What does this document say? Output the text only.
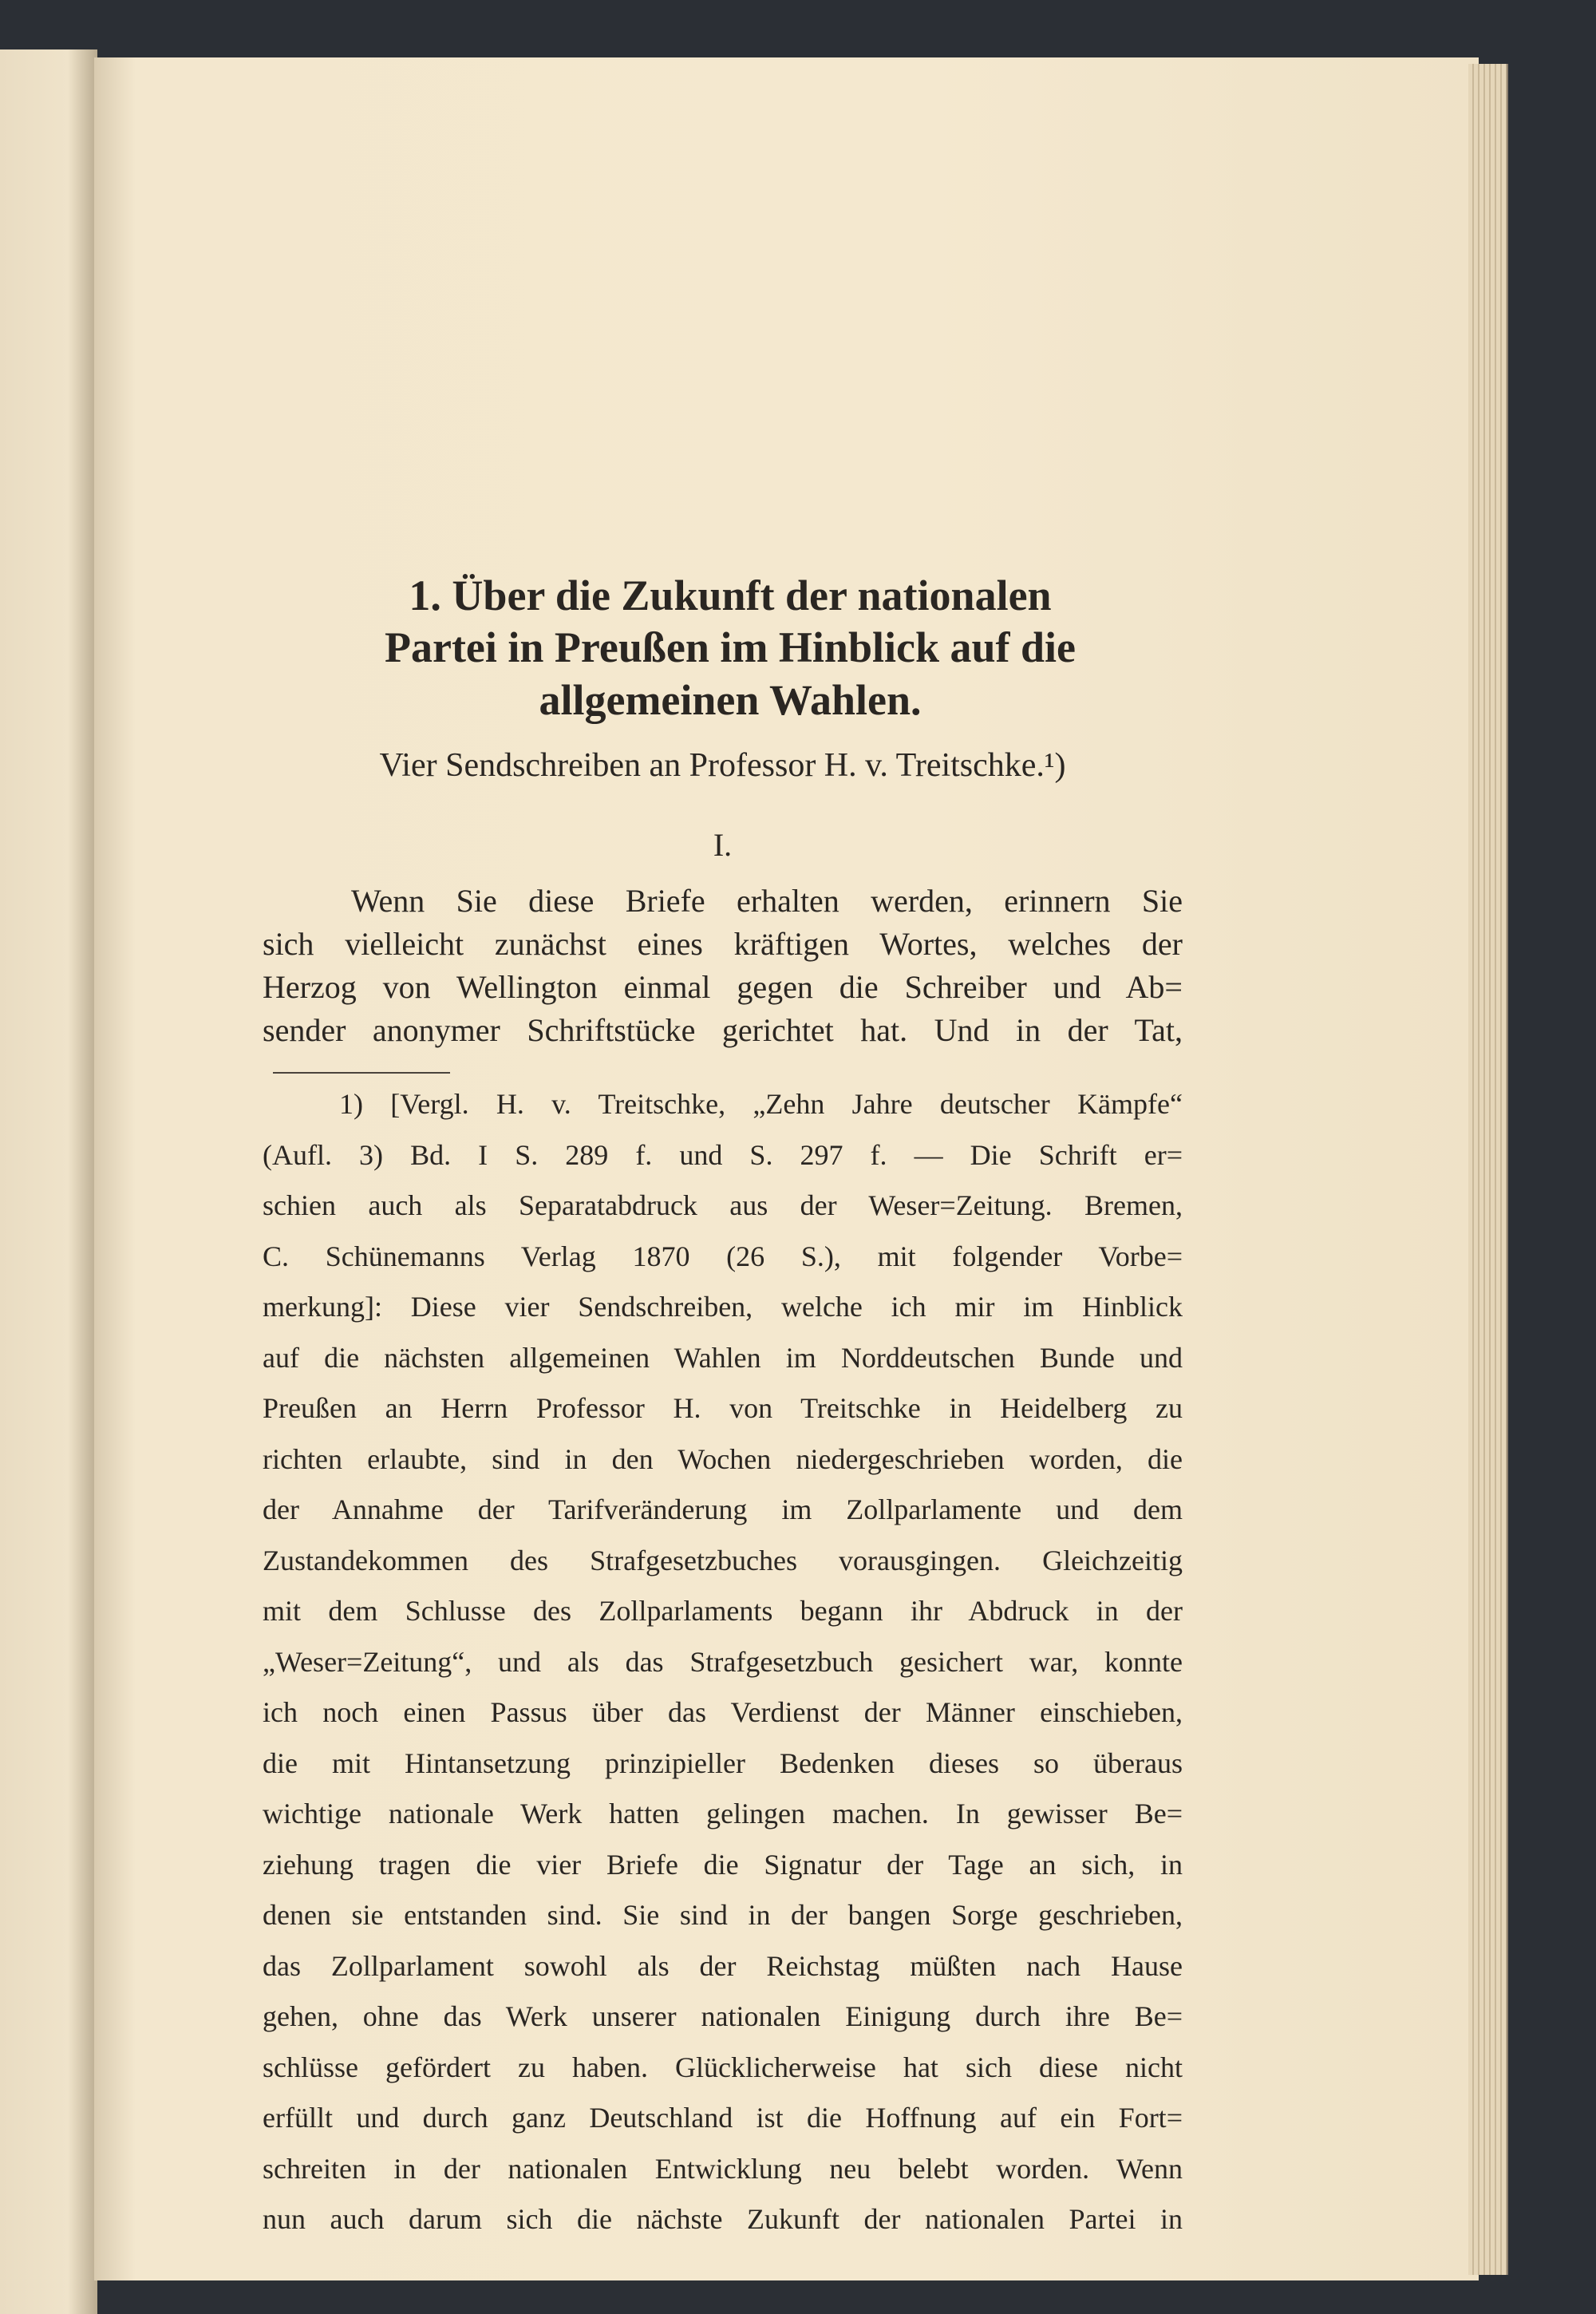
1. Über die Zukunft der nationalen
Partei in Preußen im Hinblick auf die
allgemeinen Wahlen.
Vier Sendschreiben an Professor H. v. Treitschke.¹)
I.
Wenn Sie diese Briefe erhalten werden, erinnern Sie
sich vielleicht zunächst eines kräftigen Wortes, welches der
Herzog von Wellington einmal gegen die Schreiber und Ab=
sender anonymer Schriftstücke gerichtet hat. Und in der Tat,
1) [Vergl. H. v. Treitschke, „Zehn Jahre deutscher Kämpfe“
(Aufl. 3) Bd. I S. 289 f. und S. 297 f. — Die Schrift er=
schien auch als Separatabdruck aus der Weser=Zeitung. Bremen,
C. Schünemanns Verlag 1870 (26 S.), mit folgender Vorbe=
merkung]: Diese vier Sendschreiben, welche ich mir im Hinblick
auf die nächsten allgemeinen Wahlen im Norddeutschen Bunde und
Preußen an Herrn Professor H. von Treitschke in Heidelberg zu
richten erlaubte, sind in den Wochen niedergeschrieben worden, die
der Annahme der Tarifveränderung im Zollparlamente und dem
Zustandekommen des Strafgesetzbuches vorausgingen. Gleichzeitig
mit dem Schlusse des Zollparlaments begann ihr Abdruck in der
„Weser=Zeitung“, und als das Strafgesetzbuch gesichert war, konnte
ich noch einen Passus über das Verdienst der Männer einschieben,
die mit Hintansetzung prinzipieller Bedenken dieses so überaus
wichtige nationale Werk hatten gelingen machen. In gewisser Be=
ziehung tragen die vier Briefe die Signatur der Tage an sich, in
denen sie entstanden sind. Sie sind in der bangen Sorge geschrieben,
das Zollparlament sowohl als der Reichstag müßten nach Hause
gehen, ohne das Werk unserer nationalen Einigung durch ihre Be=
schlüsse gefördert zu haben. Glücklicherweise hat sich diese nicht
erfüllt und durch ganz Deutschland ist die Hoffnung auf ein Fort=
schreiten in der nationalen Entwicklung neu belebt worden. Wenn
nun auch darum sich die nächste Zukunft der nationalen Partei in
